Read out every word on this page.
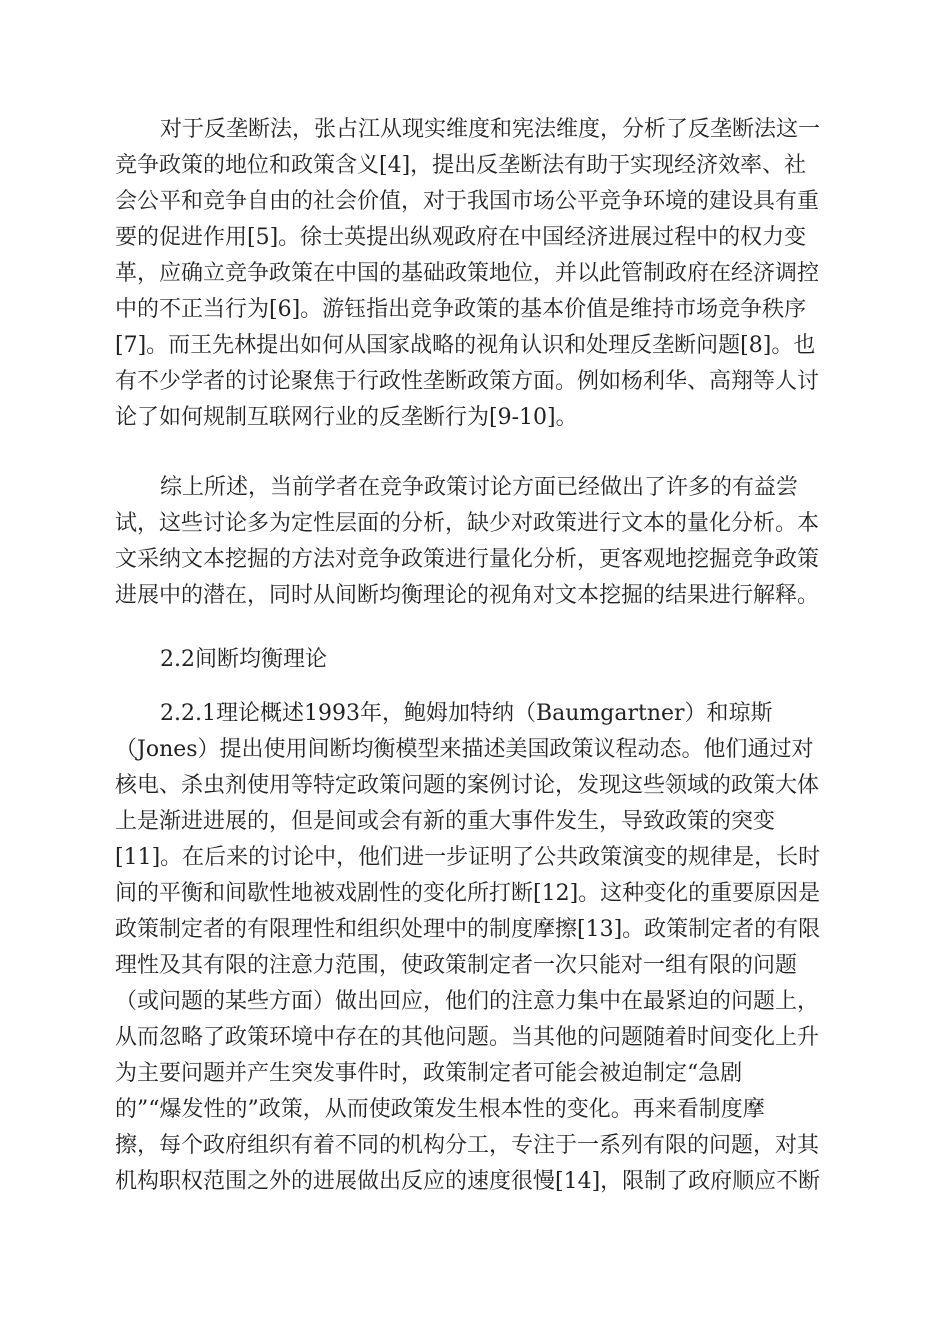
对于反垄断法，张占江从现实维度和宪法维度，分析了反垄断法这一

竞争政策的地位和政策含义[4]，提出反垄断法有助于实现经济效率、社

会公平和竞争自由的社会价值，对于我国市场公平竞争环境的建设具有重

要的促进作用[5]。徐士英提出纵观政府在中国经济进展过程中的权力变

革，应确立竞争政策在中国的基础政策地位，并以此管制政府在经济调控

中的不正当行为[6]。游钰指出竞争政策的基本价值是维持市场竞争秩序

[7]。而王先林提出如何从国家战略的视角认识和处理反垄断问题[8]。也

有不少学者的讨论聚焦于行政性垄断政策方面。例如杨利华、高翔等人讨

论了如何规制互联网行业的反垄断行为[9-10]。

综上所述，当前学者在竞争政策讨论方面已经做出了许多的有益尝

试，这些讨论多为定性层面的分析，缺少对政策进行文本的量化分析。本

文采纳文本挖掘的方法对竞争政策进行量化分析，更客观地挖掘竞争政策

进展中的潜在，同时从间断均衡理论的视角对文本挖掘的结果进行解释。

2.2间断均衡理论

2.2.1理论概述1993年，鲍姆加特纳（Baumgartner）和琼斯

（Jones）提出使用间断均衡模型来描述美国政策议程动态。他们通过对

核电、杀虫剂使用等特定政策问题的案例讨论，发现这些领域的政策大体

上是渐进进展的，但是间或会有新的重大事件发生，导致政策的突变

[11]。在后来的讨论中，他们进一步证明了公共政策演变的规律是，长时

间的平衡和间歇性地被戏剧性的变化所打断[12]。这种变化的重要原因是

政策制定者的有限理性和组织处理中的制度摩擦[13]。政策制定者的有限

理性及其有限的注意力范围，使政策制定者一次只能对一组有限的问题

（或问题的某些方面）做出回应，他们的注意力集中在最紧迫的问题上，

从而忽略了政策环境中存在的其他问题。当其他的问题随着时间变化上升

为主要问题并产生突发事件时，政策制定者可能会被迫制定“急剧

的”“爆发性的”政策，从而使政策发生根本性的变化。再来看制度摩

擦，每个政府组织有着不同的机构分工，专注于一系列有限的问题，对其

机构职权范围之外的进展做出反应的速度很慢[14]，限制了政府顺应不断
